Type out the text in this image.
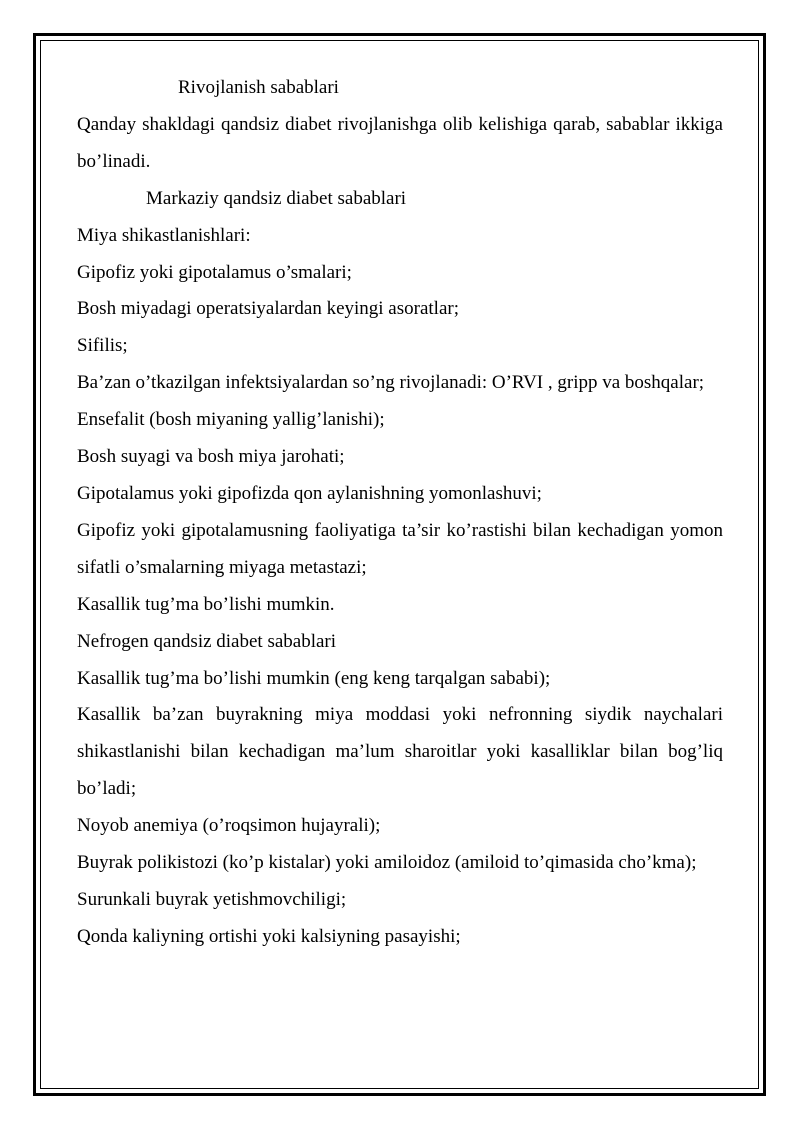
Rivojlanish sabablari

Qanday shakldagi qandsiz diabet rivojlanishga olib kelishiga qarab, sabablar ikkiga bo’linadi.

Markaziy qandsiz diabet sabablari

Miya shikastlanishlari:

Gipofiz yoki gipotalamus o’smalari;

Bosh miyadagi operatsiyalardan keyingi asoratlar;

Sifilis;

Ba’zan o’tkazilgan infektsiyalardan so’ng rivojlanadi: O’RVI , gripp va boshqalar;

Ensefalit (bosh miyaning yallig’lanishi);

Bosh suyagi va bosh miya jarohati;

Gipotalamus yoki gipofizda qon aylanishning yomonlashuvi;

Gipofiz yoki gipotalamusning faoliyatiga ta’sir ko’rastishi bilan kechadigan yomon sifatli o’smalarning miyaga metastazi;

Kasallik tug’ma bo’lishi mumkin.

Nefrogen qandsiz diabet sabablari

Kasallik tug’ma bo’lishi mumkin (eng keng tarqalgan sababi);

Kasallik ba’zan buyrakning miya moddasi yoki nefronning siydik naychalari shikastlanishi bilan kechadigan ma’lum sharoitlar yoki kasalliklar bilan bog’liq bo’ladi;

Noyob anemiya (o’roqsimon hujayrali);

Buyrak polikistozi (ko’p kistalar) yoki amiloidoz (amiloid to’qimasida cho’kma);

Surunkali buyrak yetishmovchiligi;

Qonda kaliyning ortishi yoki kalsiyning pasayishi;
